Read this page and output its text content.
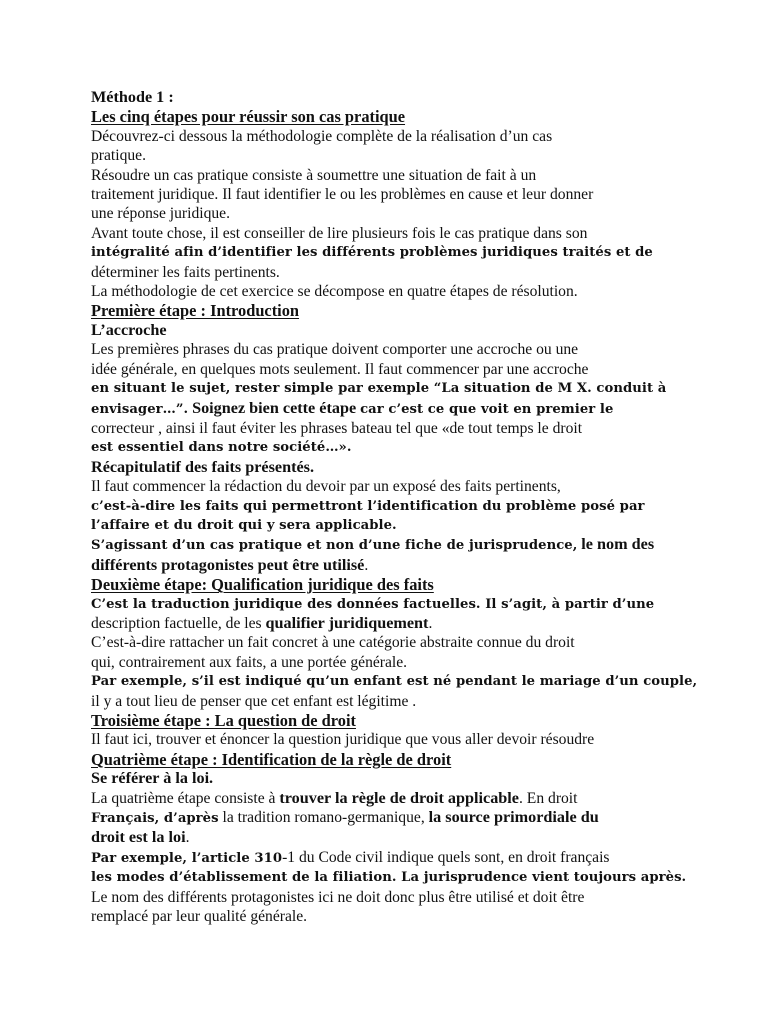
Méthode 1 :
Les cinq étapes pour réussir son cas pratique
Découvrez-ci dessous la méthodologie complète de la réalisation d’un cas
pratique.
Résoudre un cas pratique consiste à soumettre une situation de fait à un
traitement juridique. Il faut identifier le ou les problèmes en cause et leur donner
une réponse juridique.
Avant toute chose, il est conseiller de lire plusieurs fois le cas pratique dans son
intégralité afin d’identifier les différents problèmes juridiques traités et de
déterminer les faits pertinents.
La méthodologie de cet exercice se décompose en quatre étapes de résolution.
Première étape : Introduction
L’accroche
Les premières phrases du cas pratique doivent comporter une accroche ou une
idée générale, en quelques mots seulement. Il faut commencer par une accroche
en situant le sujet, rester simple par exemple “La situation de M X. conduit à
envisager…”. Soignez bien cette étape car c’est ce que voit en premier le
correcteur , ainsi il faut éviter les phrases bateau tel que «de tout temps le droit
est essentiel dans notre société…».
Récapitulatif des faits présentés.
Il faut commencer la rédaction du devoir par un exposé des faits pertinents,
c’est-à-dire les faits qui permettront l’identification du problème posé par
l’affaire et du droit qui y sera applicable.
S’agissant d’un cas pratique et non d’une fiche de jurisprudence, le nom des
différents protagonistes peut être utilisé.
Deuxième étape: Qualification juridique des faits
C’est la traduction juridique des données factuelles. Il s’agit, à partir d’une
description factuelle, de les qualifier juridiquement.
C’est-à-dire rattacher un fait concret à une catégorie abstraite connue du droit
qui, contrairement aux faits, a une portée générale.
Par exemple, s’il est indiqué qu’un enfant est né pendant le mariage d’un couple,
il y a tout lieu de penser que cet enfant est légitime .
Troisième étape : La question de droit
Il faut ici, trouver et énoncer la question juridique que vous aller devoir résoudre
Quatrième étape : Identification de la règle de droit
Se référer à la loi.
La quatrième étape consiste à trouver la règle de droit applicable. En droit
Français, d’après la tradition romano-germanique, la source primordiale du
droit est la loi.
Par exemple, l’article 310-1 du Code civil indique quels sont, en droit français
les modes d’établissement de la filiation. La jurisprudence vient toujours après.
Le nom des différents protagonistes ici ne doit donc plus être utilisé et doit être
remplacé par leur qualité générale.
